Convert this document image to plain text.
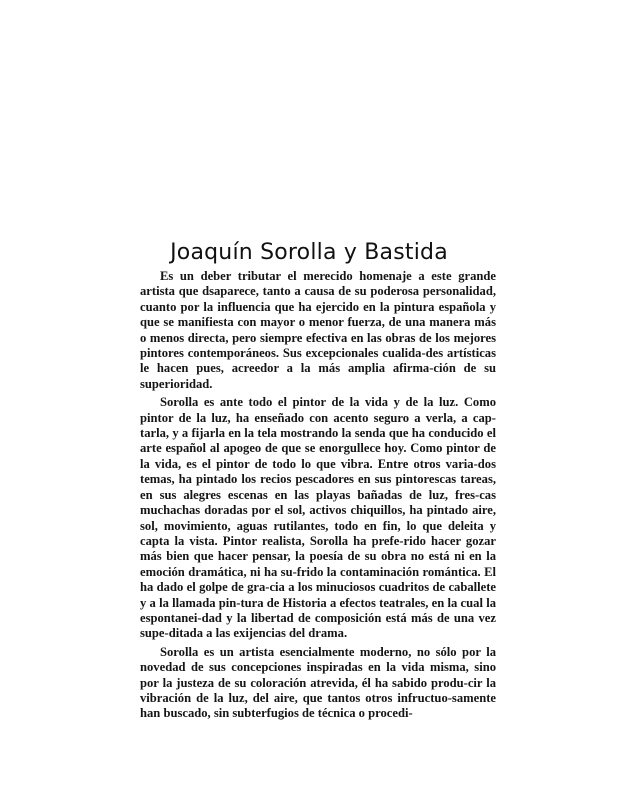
Joaquín Sorolla y Bastida

Es un deber tributar el merecido homenaje a este grande artista que dsaparece, tanto a causa de su poderosa personalidad, cuanto por la influencia que ha ejercido en la pintura española y que se manifiesta con mayor o menor fuerza, de una manera más o menos directa, pero siempre efectiva en las obras de los mejores pintores contemporáneos. Sus excepcionales cualida-des artísticas le hacen pues, acreedor a la más amplia afirma-ción de su superioridad.

Sorolla es ante todo el pintor de la vida y de la luz. Como pintor de la luz, ha enseñado con acento seguro a verla, a cap-tarla, y a fijarla en la tela mostrando la senda que ha conducido el arte español al apogeo de que se enorgullece hoy. Como pintor de la vida, es el pintor de todo lo que vibra. Entre otros varia-dos temas, ha pintado los recios pescadores en sus pintorescas tareas, en sus alegres escenas en las playas bañadas de luz, fres-cas muchachas doradas por el sol, activos chiquillos, ha pintado aire, sol, movimiento, aguas rutilantes, todo en fin, lo que deleita y capta la vista. Pintor realista, Sorolla ha prefe-rido hacer gozar más bien que hacer pensar, la poesía de su obra no está ni en la emoción dramática, ni ha su-frido la contaminación romántica. El ha dado el golpe de gra-cia a los minuciosos cuadritos de caballete y a la llamada pin-tura de Historia a efectos teatrales, en la cual la espontanei-dad y la libertad de composición está más de una vez supe-ditada a las exijencias del drama.

Sorolla es un artista esencialmente moderno, no sólo por la novedad de sus concepciones inspiradas en la vida misma, sino por la justeza de su coloración atrevida, él ha sabido produ-cir la vibración de la luz, del aire, que tantos otros infructuo-samente han buscado, sin subterfugios de técnica o procedi-
